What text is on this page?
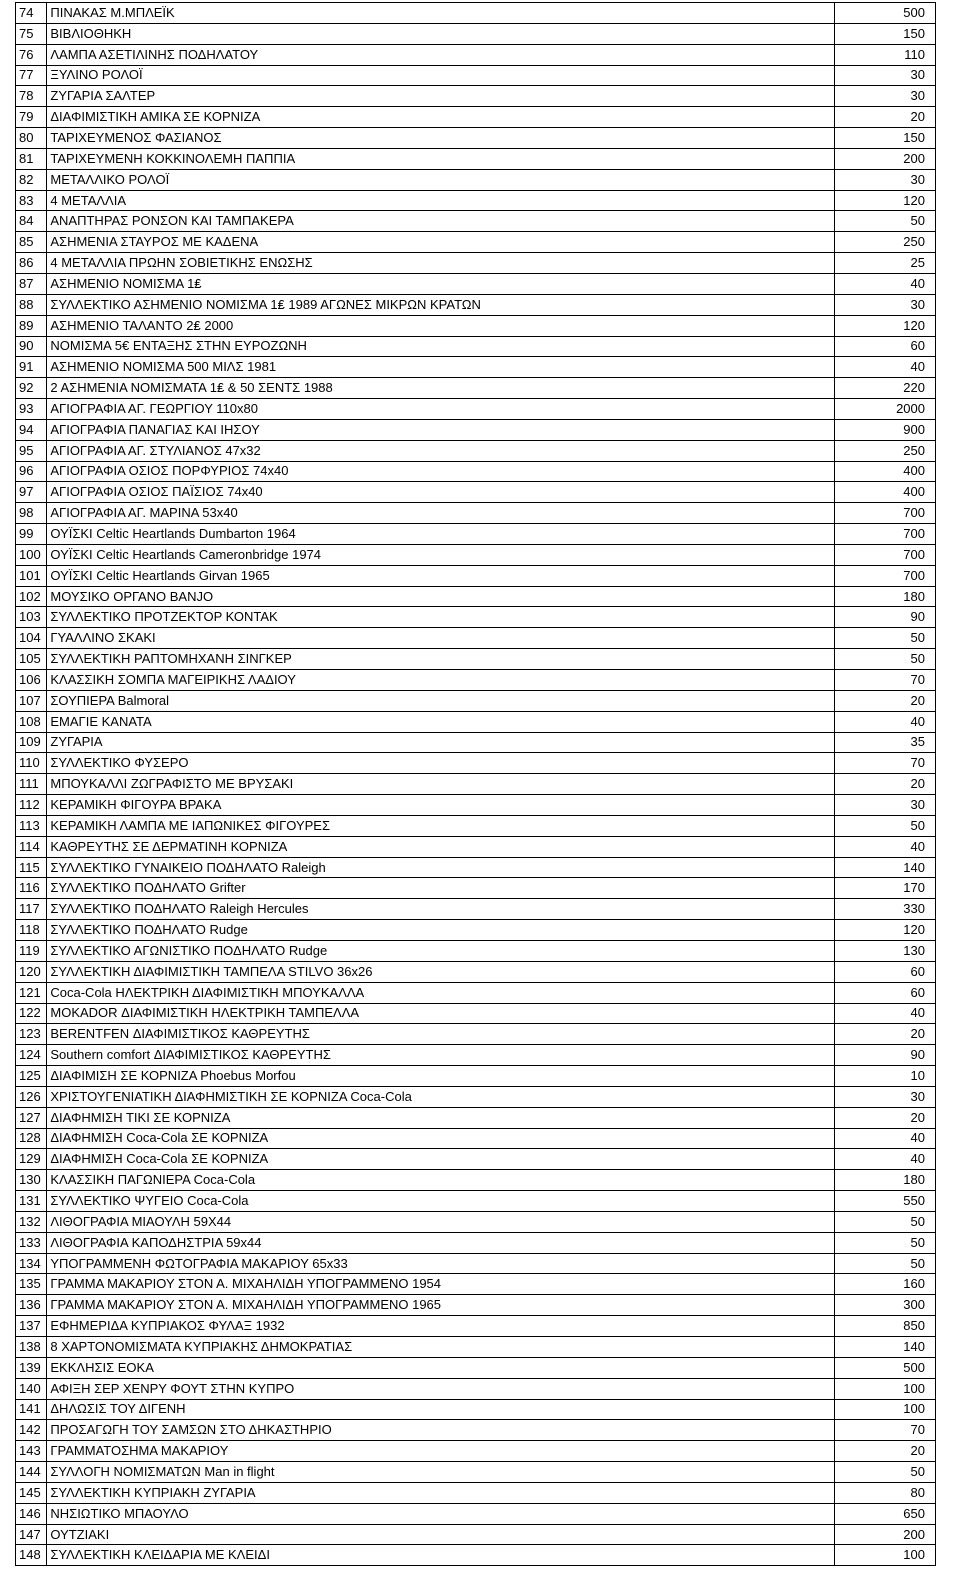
74	ΠΙΝΑΚΑΣ Μ.ΜΠΛΕΪΚ	500
75	ΒΙΒΛΙΟΘΗΚΗ	150
76	ΛΑΜΠΑ ΑΣΕΤΙΛΙΝΗΣ ΠΟΔΗΛΑΤΟΥ	110
77	ΞΥΛΙΝΟ ΡΟΛΟΪ	30
78	ΖΥΓΑΡΙΑ ΣΑΛΤΕΡ	30
79	ΔΙΑΦΙΜΙΣΤΙΚΗ ΑΜΙΚΑ ΣΕ ΚΟΡΝΙΖΑ	20
80	ΤΑΡΙΧΕΥΜΕΝΟΣ ΦΑΣΙΑΝΟΣ	150
81	ΤΑΡΙΧΕΥΜΕΝΗ ΚΟΚΚΙΝΟΛΕΜΗ ΠΑΠΠΙΑ	200
82	ΜΕΤΑΛΛΙΚΟ ΡΟΛΟΪ	30
83	4 ΜΕΤΑΛΛΙΑ	120
84	ΑΝΑΠΤΗΡΑΣ ΡΟΝΣΟΝ ΚΑΙ ΤΑΜΠΑΚΕΡΑ	50
85	ΑΣΗΜΕΝΙΑ ΣΤΑΥΡΟΣ ΜΕ ΚΑΔΕΝΑ	250
86	4 ΜΕΤΑΛΛΙΑ ΠΡΩΗΝ ΣΟΒΙΕΤΙΚΗΣ ΕΝΩΣΗΣ	25
87	ΑΣΗΜΕΝΙΟ ΝΟΜΙΣΜΑ 1₤	40
88	ΣΥΛΛΕΚΤΙΚΟ ΑΣΗΜΕΝΙΟ ΝΟΜΙΣΜΑ 1₤ 1989 ΑΓΩΝΕΣ ΜΙΚΡΩΝ ΚΡΑΤΩΝ	30
89	ΑΣΗΜΕΝΙΟ ΤΑΛΑΝΤΟ 2₤ 2000	120
90	ΝΟΜΙΣΜΑ 5€ ΕΝΤΑΞΗΣ ΣΤΗΝ ΕΥΡΟΖΩΝΗ	60
91	ΑΣΗΜΕΝΙΟ ΝΟΜΙΣΜΑ 500 ΜΙΛΣ 1981	40
92	2 ΑΣΗΜΕΝΙΑ ΝΟΜΙΣΜΑΤΑ 1₤ & 50 ΣΕΝΤΣ 1988	220
93	ΑΓΙΟΓΡΑΦΙΑ ΑΓ. ΓΕΩΡΓΙΟΥ 110x80	2000
94	ΑΓΙΟΓΡΑΦΙΑ ΠΑΝΑΓΙΑΣ ΚΑΙ ΙΗΣΟΥ	900
95	ΑΓΙΟΓΡΑΦΙΑ ΑΓ. ΣΤΥΛΙΑΝΟΣ 47x32	250
96	ΑΓΙΟΓΡΑΦΙΑ ΟΣΙΟΣ ΠΟΡΦΥΡΙΟΣ 74x40	400
97	ΑΓΙΟΓΡΑΦΙΑ ΟΣΙΟΣ ΠΑΪΣΙΟΣ 74x40	400
98	ΑΓΙΟΓΡΑΦΙΑ ΑΓ. ΜΑΡΙΝΑ 53x40	700
99	ΟΥΪΣΚΙ Celtic Heartlands Dumbarton 1964	700
100	ΟΥΪΣΚΙ Celtic Heartlands Cameronbridge 1974	700
101	ΟΥΪΣΚΙ Celtic Heartlands Girvan 1965	700
102	ΜΟΥΣΙΚΟ ΟΡΓΑΝΟ BANJO	180
103	ΣΥΛΛΕΚΤΙΚΟ ΠΡΟΤΖΕΚΤΟΡ ΚΟΝΤΑΚ	90
104	ΓΥΑΛΛΙΝΟ ΣΚΑΚΙ	50
105	ΣΥΛΛΕΚΤΙΚΗ ΡΑΠΤΟΜΗΧΑΝΗ ΣΙΝΓΚΕΡ	50
106	ΚΛΑΣΣΙΚΗ ΣΟΜΠΑ ΜΑΓΕΙΡΙΚΗΣ ΛΑΔΙΟΥ	70
107	ΣΟΥΠΙΕΡΑ Balmoral	20
108	ΕΜΑΓΙΕ ΚΑΝΑΤΑ	40
109	ΖΥΓΑΡΙΑ	35
110	ΣΥΛΛΕΚΤΙΚΟ ΦΥΣΕΡΟ	70
111	ΜΠΟΥΚΑΛΛΙ ΖΩΓΡΑΦΙΣΤΟ ΜΕ ΒΡΥΣΑΚΙ	20
112	ΚΕΡΑΜΙΚΗ ΦΙΓΟΥΡΑ ΒΡΑΚΑ	30
113	ΚΕΡΑΜΙΚΗ ΛΑΜΠΑ ΜΕ ΙΑΠΩΝΙΚΕΣ ΦΙΓΟΥΡΕΣ	50
114	ΚΑΘΡΕΥΤΗΣ ΣΕ ΔΕΡΜΑΤΙΝΗ ΚΟΡΝΙΖΑ	40
115	ΣΥΛΛΕΚΤΙΚΟ ΓΥΝΑΙΚΕΙΟ ΠΟΔΗΛΑΤΟ Raleigh	140
116	ΣΥΛΛΕΚΤΙΚΟ ΠΟΔΗΛΑΤΟ Grifter	170
117	ΣΥΛΛΕΚΤΙΚΟ ΠΟΔΗΛΑΤΟ Raleigh Hercules	330
118	ΣΥΛΛΕΚΤΙΚΟ ΠΟΔΗΛΑΤΟ Rudge	120
119	ΣΥΛΛΕΚΤΙΚΟ ΑΓΩΝΙΣΤΙΚΟ ΠΟΔΗΛΑΤΟ Rudge	130
120	ΣΥΛΛΕΚΤΙΚΗ ΔΙΑΦΙΜΙΣΤΙΚΗ ΤΑΜΠΕΛΑ STILVO 36x26	60
121	Coca-Cola ΗΛΕΚΤΡΙΚΗ ΔΙΑΦΙΜΙΣΤΙΚΗ ΜΠΟΥΚΑΛΛΑ	60
122	MOKADOR ΔΙΑΦΙΜΙΣΤΙΚΗ ΗΛΕΚΤΡΙΚΗ ΤΑΜΠΕΛΛΑ	40
123	BERENTFEN ΔΙΑΦΙΜΙΣΤΙΚΟΣ ΚΑΘΡΕΥΤΗΣ	20
124	Southern comfort ΔΙΑΦΙΜΙΣΤΙΚΟΣ ΚΑΘΡΕΥΤΗΣ	90
125	ΔΙΑΦΙΜΙΣΗ ΣΕ ΚΟΡΝΙΖΑ Phoebus Morfou	10
126	ΧΡΙΣΤΟΥΓΕΝΙΑΤΙΚΗ ΔΙΑΦΗΜΙΣΤΙΚΗ ΣΕ ΚΟΡΝΙΖΑ Coca-Cola	30
127	ΔΙΑΦΗΜΙΣΗ ΤΙΚΙ ΣΕ ΚΟΡΝΙΖΑ	20
128	ΔΙΑΦΗΜΙΣΗ Coca-Cola ΣΕ ΚΟΡΝΙΖΑ	40
129	ΔΙΑΦΗΜΙΣΗ Coca-Cola ΣΕ ΚΟΡΝΙΖΑ	40
130	ΚΛΑΣΣΙΚΗ ΠΑΓΩΝΙΕΡΑ Coca-Cola	180
131	ΣΥΛΛΕΚΤΙΚΟ ΨΥΓΕΙΟ Coca-Cola	550
132	ΛΙΘΟΓΡΑΦΙΑ ΜΙΑΟΥΛΗ 59X44	50
133	ΛΙΘΟΓΡΑΦΙΑ ΚΑΠΟΔΗΣΤΡΙΑ 59x44	50
134	ΥΠΟΓΡΑΜΜΕΝΗ ΦΩΤΟΓΡΑΦΙΑ ΜΑΚΑΡΙΟΥ 65x33	50
135	ΓΡΑΜΜΑ ΜΑΚΑΡΙΟΥ ΣΤΟΝ Α. ΜΙΧΑΗΛΙΔΗ ΥΠΟΓΡΑΜΜΕΝΟ 1954	160
136	ΓΡΑΜΜΑ ΜΑΚΑΡΙΟΥ ΣΤΟΝ Α. ΜΙΧΑΗΛΙΔΗ ΥΠΟΓΡΑΜΜΕΝΟ 1965	300
137	ΕΦΗΜΕΡΙΔΑ ΚΥΠΡΙΑΚΟΣ ΦΥΛΑΞ 1932	850
138	8 ΧΑΡΤΟΝΟΜΙΣΜΑΤΑ ΚΥΠΡΙΑΚΗΣ ΔΗΜΟΚΡΑΤΙΑΣ	140
139	ΕΚΚΛΗΣΙΣ ΕΟΚΑ	500
140	ΑΦΙΞΗ ΣΕΡ ΧΕΝΡΥ ΦΟΥΤ ΣΤΗΝ ΚΥΠΡΟ	100
141	ΔΗΛΩΣΙΣ ΤΟΥ ΔΙΓΕΝΗ	100
142	ΠΡΟΣΑΓΩΓΗ ΤΟΥ ΣΑΜΣΩΝ ΣΤΟ ΔΗΚΑΣΤΗΡΙΟ	70
143	ΓΡΑΜΜΑΤΟΣΗΜΑ ΜΑΚΑΡΙΟΥ	20
144	ΣΥΛΛΟΓΗ ΝΟΜΙΣΜΑΤΩΝ Man in flight	50
145	ΣΥΛΛΕΚΤΙΚΗ ΚΥΠΡΙΑΚΗ ΖΥΓΑΡΙΑ	80
146	ΝΗΣΙΩΤΙΚΟ ΜΠΑΟΥΛΟ	650
147	ΟΥΤΖΙΑΚΙ	200
148	ΣΥΛΛΕΚΤΙΚΗ ΚΛΕΙΔΑΡΙΑ ΜΕ ΚΛΕΙΔΙ	100
